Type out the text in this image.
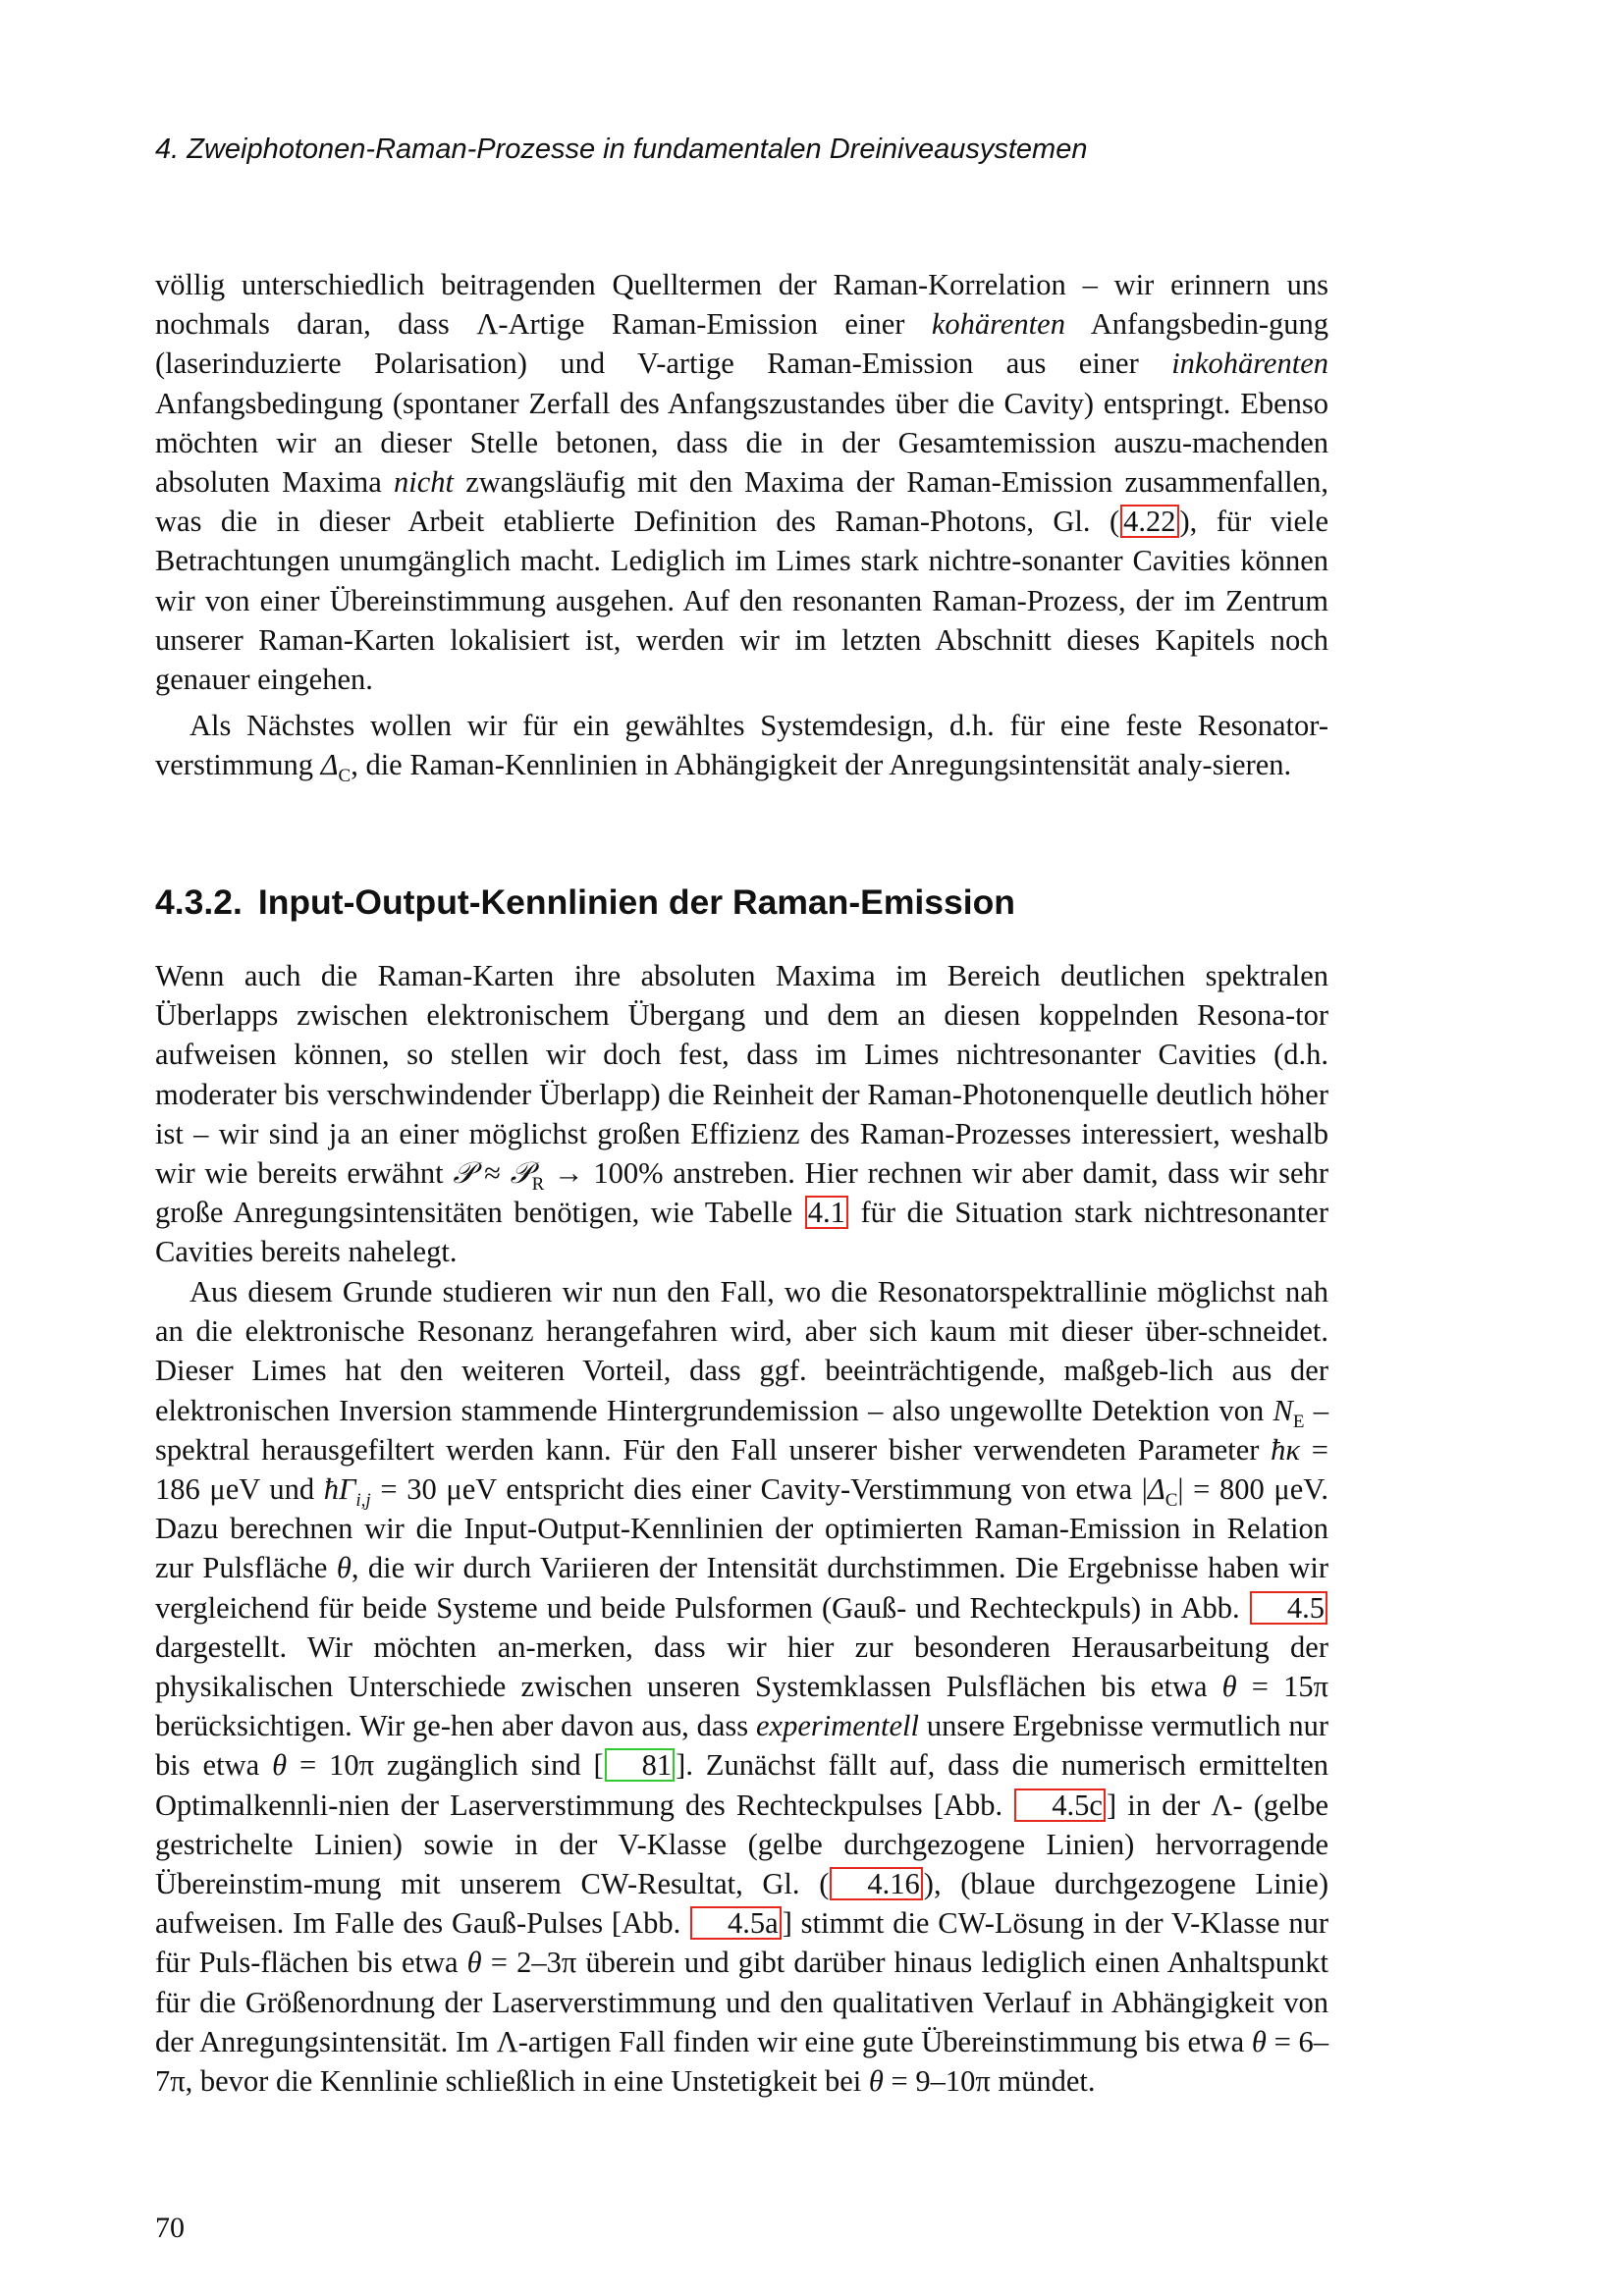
4. Zweiphotonen-Raman-Prozesse in fundamentalen Dreiniveausystemen

völlig unterschiedlich beitragenden Quelltermen der Raman-Korrelation – wir erinnern uns nochmals daran, dass Λ-Artige Raman-Emission einer kohärenten Anfangsbedin-gung (laserinduzierte Polarisation) und V-artige Raman-Emission aus einer inkohärenten Anfangsbedingung (spontaner Zerfall des Anfangszustandes über die Cavity) entspringt. Ebenso möchten wir an dieser Stelle betonen, dass die in der Gesamtemission auszu-machenden absoluten Maxima nicht zwangsläufig mit den Maxima der Raman-Emission zusammenfallen, was die in dieser Arbeit etablierte Definition des Raman-Photons, Gl. ( 4.22 ), für viele Betrachtungen unumgänglich macht. Lediglich im Limes stark nichtre-sonanter Cavities können wir von einer Übereinstimmung ausgehen. Auf den resonanten Raman-Prozess, der im Zentrum unserer Raman-Karten lokalisiert ist, werden wir im letzten Abschnitt dieses Kapitels noch genauer eingehen.

Als Nächstes wollen wir für ein gewähltes Systemdesign, d.h. für eine feste Resonator-verstimmung $\Delta_C$, die Raman-Kennlinien in Abhängigkeit der Anregungsintensität analy-sieren.

4.3.2. Input-Output-Kennlinien der Raman-Emission

Wenn auch die Raman-Karten ihre absoluten Maxima im Bereich deutlichen spektralen Überlapps zwischen elektronischem Übergang und dem an diesen koppelnden Resona-tor aufweisen können, so stellen wir doch fest, dass im Limes nichtresonanter Cavities (d.h. moderater bis verschwindender Überlapp) die Reinheit der Raman-Photonenquelle deutlich höher ist – wir sind ja an einer möglichst großen Effizienz des Raman-Prozesses interessiert, weshalb wir wie bereits erwähnt 𝒫 ≈ 𝒫$_R$ → 100% anstreben. Hier rechnen wir aber damit, dass wir sehr große Anregungsintensitäten benötigen, wie Tabelle 4.1 für die Situation stark nichtresonanter Cavities bereits nahelegt.

Aus diesem Grunde studieren wir nun den Fall, wo die Resonatorspektrallinie möglichst nah an die elektronische Resonanz herangefahren wird, aber sich kaum mit dieser über-schneidet. Dieser Limes hat den weiteren Vorteil, dass ggf. beeinträchtigende, maßgeb-lich aus der elektronischen Inversion stammende Hintergrundemission – also ungewollte Detektion von $N_E$ – spektral herausgefiltert werden kann. Für den Fall unserer bisher verwendeten Parameter ħκ = 186 μeV und $ħ\Gamma_{i,j} = 30$ μeV entspricht dies einer Cavity-Verstimmung von etwa $|\Delta_C| = 800$ μeV. Dazu berechnen wir die Input-Output-Kennlinien der optimierten Raman-Emission in Relation zur Pulsfläche θ, die wir durch Variieren der Intensität durchstimmen. Die Ergebnisse haben wir vergleichend für beide Systeme und beide Pulsformen (Gauß- und Rechteckpuls) in Abb. 4.5 dargestellt. Wir möchten an-merken, dass wir hier zur besonderen Herausarbeitung der physikalischen Unterschiede zwischen unseren Systemklassen Pulsflächen bis etwa θ = 15π berücksichtigen. Wir ge-hen aber davon aus, dass experimentell unsere Ergebnisse vermutlich nur bis etwa θ = 10π zugänglich sind [ 81 ]. Zunächst fällt auf, dass die numerisch ermittelten Optimalkennli-nien der Laserverstimmung des Rechteckpulses [Abb. 4.5c ] in der Λ- (gelbe gestrichelte Linien) sowie in der V-Klasse (gelbe durchgezogene Linien) hervorragende Übereinstim-mung mit unserem CW-Resultat, Gl. ( 4.16 ), (blaue durchgezogene Linie) aufweisen. Im Falle des Gauß-Pulses [Abb. 4.5a ] stimmt die CW-Lösung in der V-Klasse nur für Puls-flächen bis etwa θ = 2–3π überein und gibt darüber hinaus lediglich einen Anhaltspunkt für die Größenordnung der Laserverstimmung und den qualitativen Verlauf in Abhängigkeit von der Anregungsintensität. Im Λ-artigen Fall finden wir eine gute Übereinstimmung bis etwa θ = 6–7π, bevor die Kennlinie schließlich in eine Unstetigkeit bei θ = 9–10π mündet.

70
